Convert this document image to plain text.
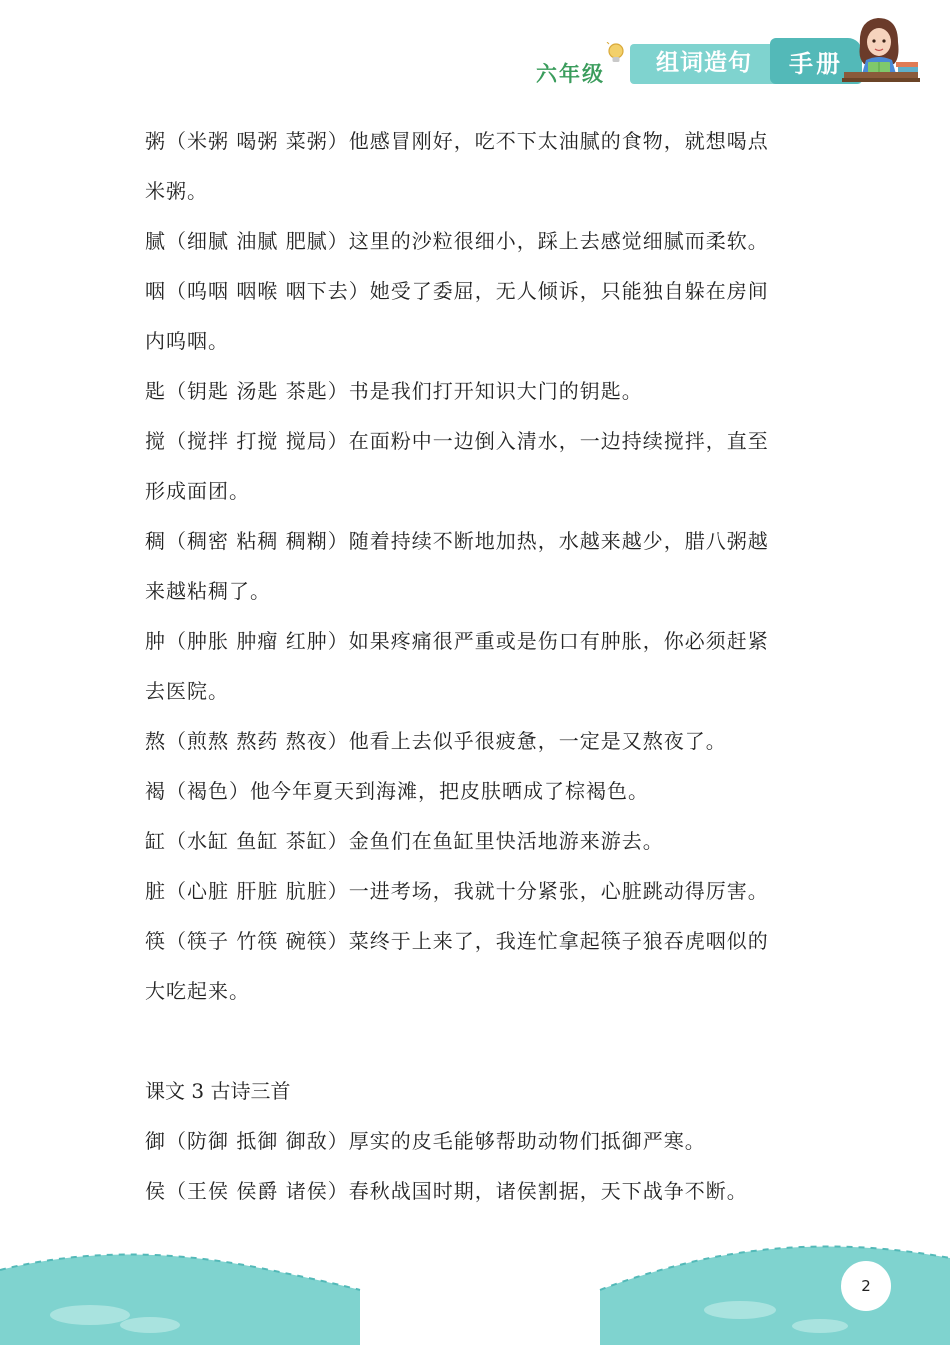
六年级	组词造句	手册
粥（米粥 喝粥 菜粥）他感冒刚好，吃不下太油腻的食物，就想喝点
米粥。
腻（细腻 油腻 肥腻）这里的沙粒很细小，踩上去感觉细腻而柔软。
咽（呜咽 咽喉 咽下去）她受了委屈，无人倾诉，只能独自躲在房间
内呜咽。
匙（钥匙 汤匙 茶匙）书是我们打开知识大门的钥匙。
搅（搅拌 打搅 搅局）在面粉中一边倒入清水，一边持续搅拌，直至
形成面团。
稠（稠密 粘稠 稠糊）随着持续不断地加热，水越来越少，腊八粥越
来越粘稠了。
肿（肿胀 肿瘤 红肿）如果疼痛很严重或是伤口有肿胀，你必须赶紧
去医院。
熬（煎熬 熬药 熬夜）他看上去似乎很疲惫，一定是又熬夜了。
褐（褐色）他今年夏天到海滩，把皮肤晒成了棕褐色。
缸（水缸 鱼缸 茶缸）金鱼们在鱼缸里快活地游来游去。
脏（心脏 肝脏 肮脏）一进考场，我就十分紧张，心脏跳动得厉害。
筷（筷子 竹筷 碗筷）菜终于上来了，我连忙拿起筷子狼吞虎咽似的
大吃起来。
课文 3 古诗三首
御（防御 抵御 御敌）厚实的皮毛能够帮助动物们抵御严寒。
侯（王侯 侯爵 诸侯）春秋战国时期，诸侯割据，天下战争不断。
2
